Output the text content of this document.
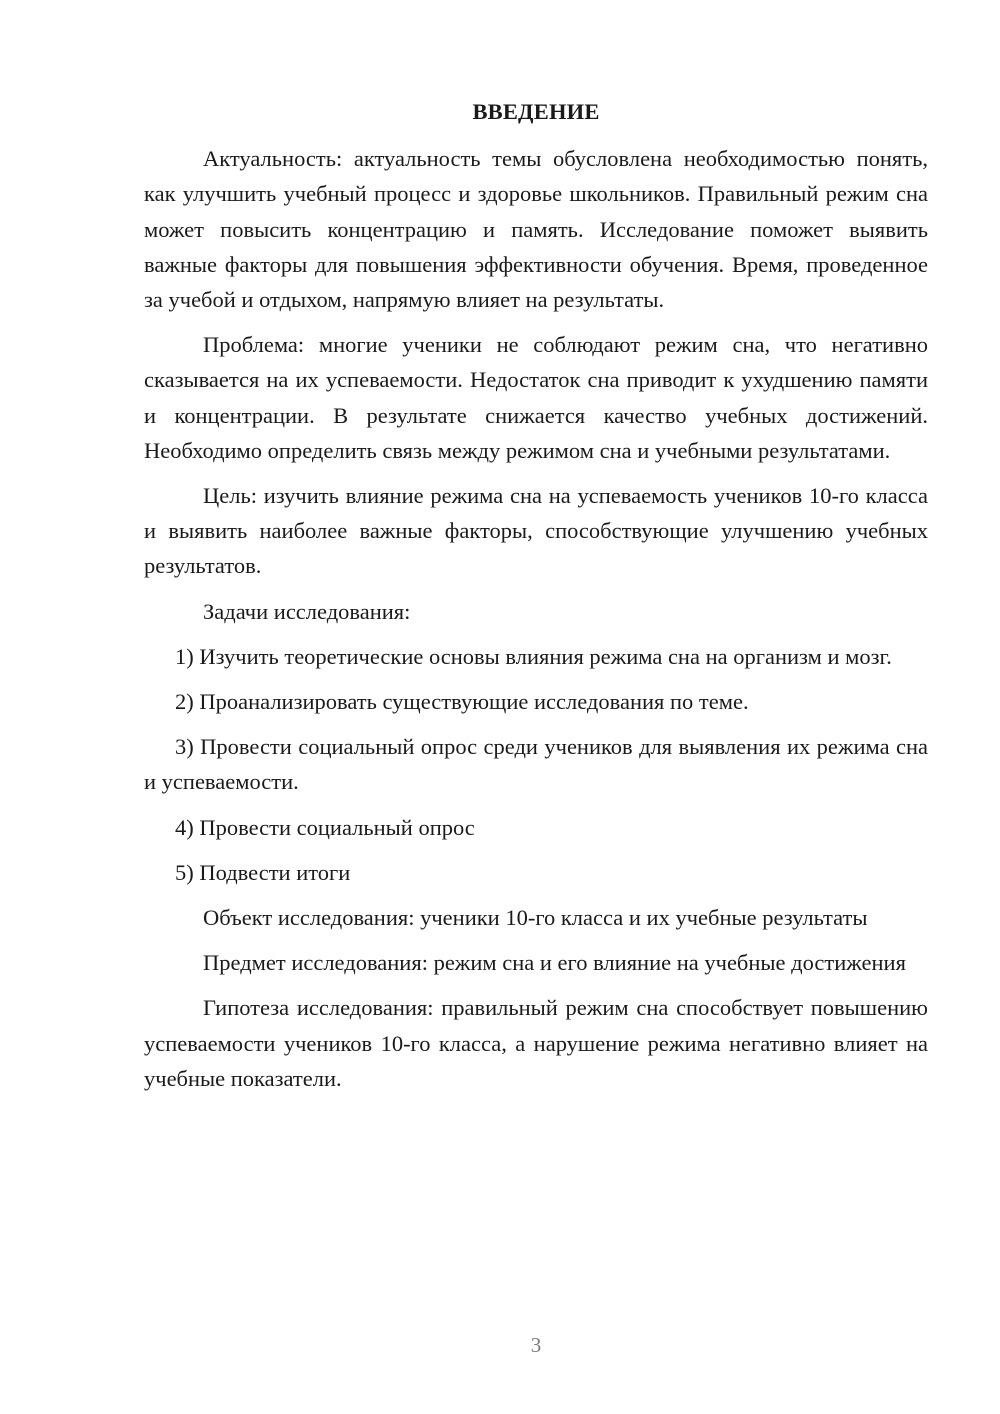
ВВЕДЕНИЕ

Актуальность: актуальность темы обусловлена необходимостью понять, как улучшить учебный процесс и здоровье школьников. Правильный режим сна может повысить концентрацию и память. Исследование поможет выявить важные факторы для повышения эффективности обучения. Время, проведенное за учебой и отдыхом, напрямую влияет на результаты.

Проблема: многие ученики не соблюдают режим сна, что негативно сказывается на их успеваемости. Недостаток сна приводит к ухудшению памяти и концентрации. В результате снижается качество учебных достижений. Необходимо определить связь между режимом сна и учебными результатами.

Цель: изучить влияние режима сна на успеваемость учеников 10-го класса и выявить наиболее важные факторы, способствующие улучшению учебных результатов.

Задачи исследования:

1) Изучить теоретические основы влияния режима сна на организм и мозг.

2) Проанализировать существующие исследования по теме.

3) Провести социальный опрос среди учеников для выявления их режима сна и успеваемости.

4) Провести социальный опрос

5) Подвести итоги

Объект исследования: ученики 10-го класса и их учебные результаты

Предмет исследования: режим сна и его влияние на учебные достижения

Гипотеза исследования: правильный режим сна способствует повышению успеваемости учеников 10-го класса, а нарушение режима негативно влияет на учебные показатели.

3
